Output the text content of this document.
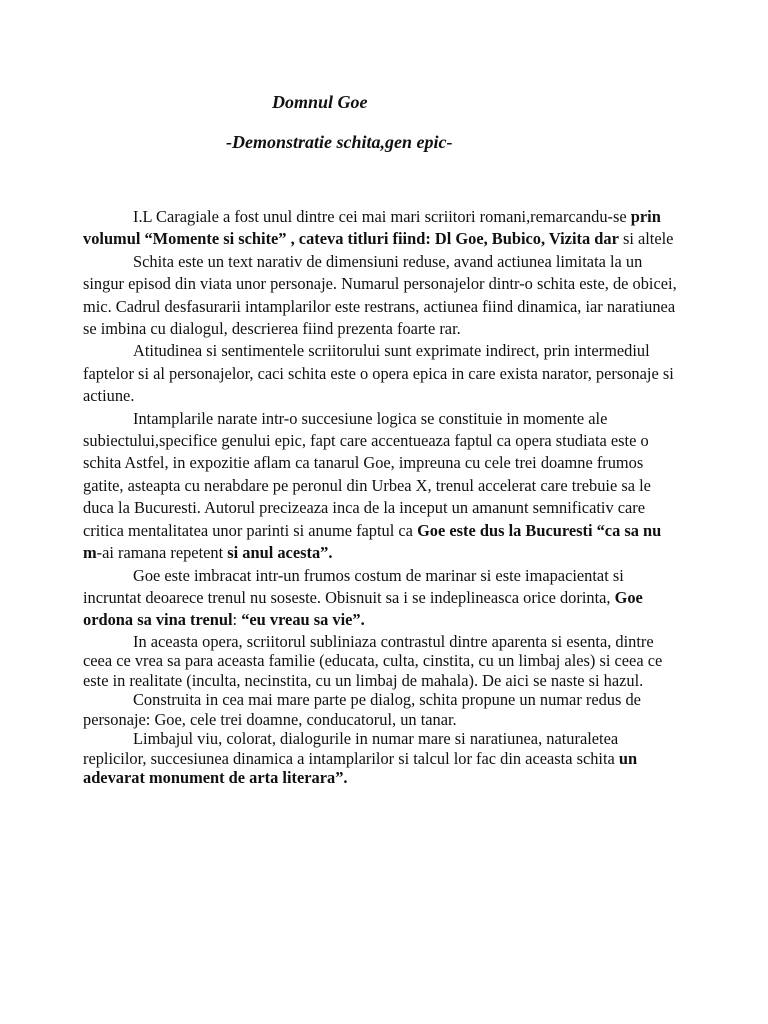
Domnul Goe
-Demonstratie schita,gen epic-

I.L Caragiale a fost unul dintre cei mai mari scriitori romani,remarcandu-se prin volumul “Momente si schite” , cateva titluri fiind: Dl Goe, Bubico, Vizita dar si altele

Schita este un text narativ de dimensiuni reduse, avand actiunea limitata la un singur episod din viata unor personaje. Numarul personajelor dintr-o schita este, de obicei, mic. Cadrul desfasurarii intamplarilor este restrans, actiunea fiind dinamica, iar naratiunea se imbina cu dialogul, descrierea fiind prezenta foarte rar.

Atitudinea si sentimentele scriitorului sunt exprimate indirect, prin intermediul faptelor si al personajelor, caci schita este o opera epica in care exista narator, personaje si actiune.

Intamplarile narate intr-o succesiune logica se constituie in momente ale subiectului,specifice genului epic, fapt care accentueaza faptul ca opera studiata este o schita Astfel, in expozitie aflam ca tanarul Goe, impreuna cu cele trei doamne frumos gatite, asteapta cu nerabdare pe peronul din Urbea X, trenul accelerat care trebuie sa le duca la Bucuresti. Autorul precizeaza inca de la inceput un amanunt semnificativ care critica mentalitatea unor parinti si anume faptul ca Goe este dus la Bucuresti “ca sa nu m-ai ramana repetent si anul acesta”.

Goe este imbracat intr-un frumos costum de marinar si este imapacientat si incruntat deoarece trenul nu soseste. Obisnuit sa i se indeplineasca orice dorinta, Goe ordona sa vina trenul: “eu vreau sa vie”.

In aceasta opera, scriitorul subliniaza contrastul dintre aparenta si esenta, dintre ceea ce vrea sa para aceasta familie (educata, culta, cinstita, cu un limbaj ales) si ceea ce este in realitate (inculta, necinstita, cu un limbaj de mahala). De aici se naste si hazul.

Construita in cea mai mare parte pe dialog, schita propune un numar redus de personaje: Goe, cele trei doamne, conducatorul, un tanar.

Limbajul viu, colorat, dialogurile in numar mare si naratiunea, naturaletea replicilor, succesiunea dinamica a intamplarilor si talcul lor fac din aceasta schita un adevarat monument de arta literara”.
